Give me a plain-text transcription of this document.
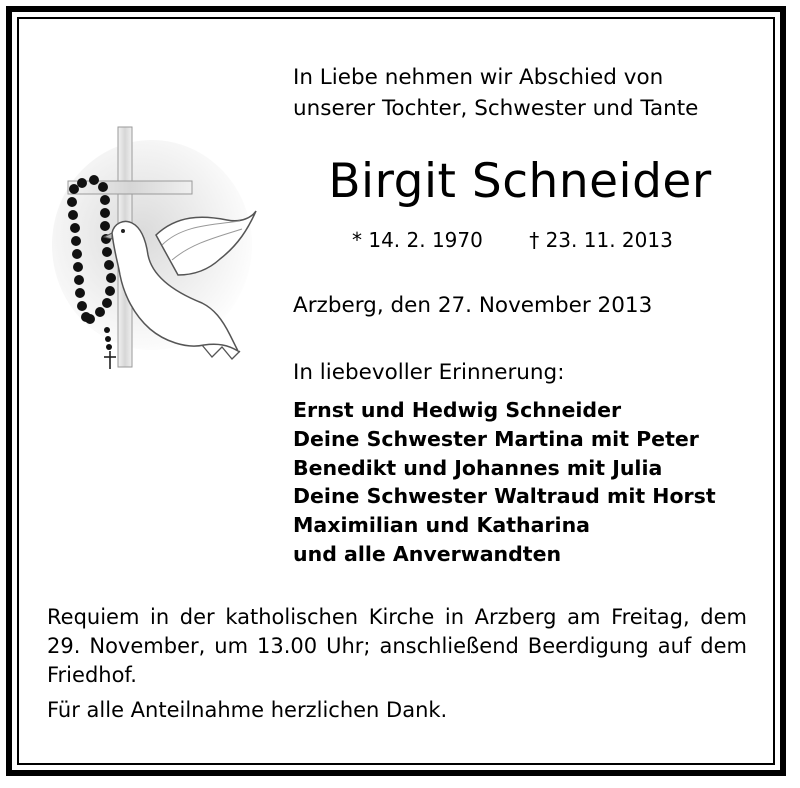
In Liebe nehmen wir Abschied von
unserer Tochter, Schwester und Tante
Birgit Schneider
* 14. 2. 1970 † 23. 11. 2013
Arzberg, den 27. November 2013
In liebevoller Erinnerung:
Ernst und Hedwig Schneider
Deine Schwester Martina mit Peter
Benedikt und Johannes mit Julia
Deine Schwester Waltraud mit Horst
Maximilian und Katharina
und alle Anverwandten
Requiem in der katholischen Kirche in Arzberg am Freitag, dem 29. November, um 13.00 Uhr; anschließend Beerdigung auf dem Friedhof.
Für alle Anteilnahme herzlichen Dank.
